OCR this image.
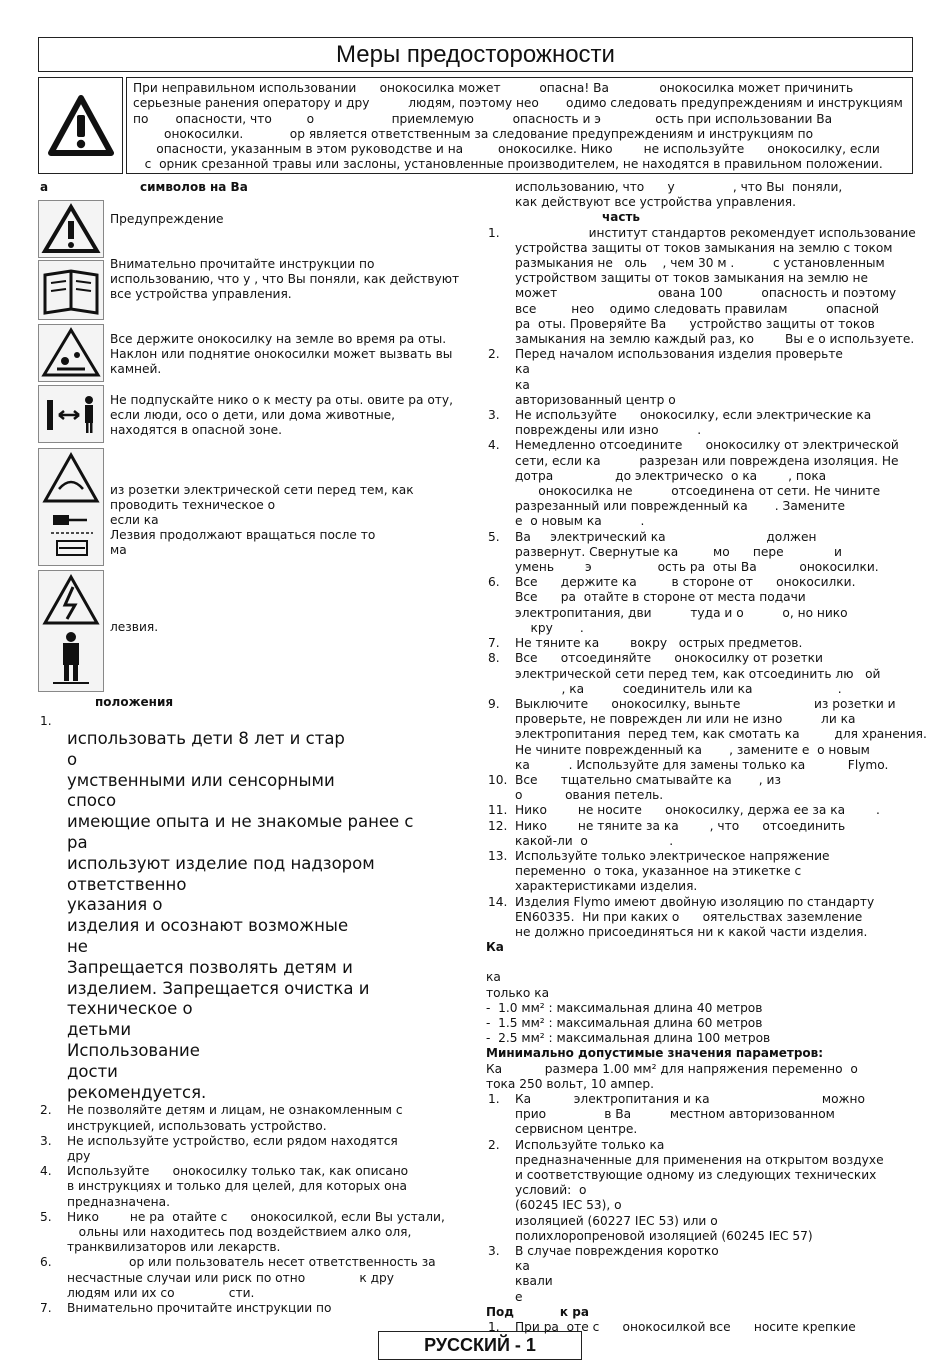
Меры предосторожности
При неправильном использовании      онокосилка может          опасна! Ва             онокосилка может причинить
серьезные ранения оператору и дру          людям, поэтому нео       одимо следовать предупреждениям и инструкциям
по       опасности, что         о                    приемлемую          опасность и э              ость при использовании Ва
онокосилки.            ор является ответственным за следование предупреждениям и инструкциям по
опасности, указанным в этом руководстве и на         онокосилке. Нико        не используйте      онокосилку, если
с  орник срезанной травы или заслоны, установленные производителем, не находятся в правильном положении.
а                      символов на Ва
Предупреждение
Внимательно прочитайте инструкции по использованию, что у , что Вы поняли, как действуют все устройства управления.
Все держите онокосилку на земле во время ра оты. Наклон или поднятие онокосилки может вызвать вы камней.
Не подпускайте нико о к месту ра оты. овите ра оту, если люди, осо о дети, или дома животные, находятся в опасной зоне.
из розетки электрической сети перед тем, как проводить техническое о
если ка
Лезвия продолжают вращаться после то
ма
лезвия.
положения
1.
использовать дети 8 лет и стар
о
умственными или сенсорными
спосо
имеющие опыта и не знакомые ранее с
ра
используют изделие под надзором
ответственно
указания о
изделия и осознают возможные
не
Запрещается позволять детям и
изделием. Запрещается очистка и
техническое о
детьми
Использование
дости
рекомендуется.
2. Не позволяйте детям и лицам, не ознакомленным с
инструкцией, использовать устройство.
3. Не используйте устройство, если рядом находятся
дру
4. Используйте      онокосилку только так, как описано
в инструкциях и только для целей, для которых она
предназначена.
5. Нико        не ра  отайте с      онокосилкой, если Вы устали,
ольны или находитесь под воздействием алко оля,
транквилизаторов или лекарств.
6. ор или пользователь несет ответственность за
несчастные случаи или риск по отно              к дру
людям или их со              сти.
7. Внимательно прочитайте инструкции по
использованию, что      у               , что Вы  поняли,
как действуют все устройства управления.
часть
1. институт стандартов рекомендует использование
устройства защиты от токов замыкания на землю с током
размыкания не   оль    , чем 30 м .          с установленным
устройством защиты от токов замыкания на землю не
может                          ована 100          опасность и поэтому
все         нео    одимо следовать правилам          опасной
ра  оты. Проверяйте Ва      устройство защиты от токов
замыкания на землю каждый раз, ко        Вы е о используете.
2. Перед началом использования изделия проверьте
ка
ка
авторизованный центр о
3. Не используйте      онокосилку, если электрические ка
повреждены или изно          .
4. Немедленно отсоедините      онокосилку от электрической
сети, если ка          разрезан или повреждена изоляция. Не
дотра                до электрическо  о ка        , пока
онокосилка не          отсоединена от сети. Не чините
разрезанный или поврежденный ка       . Замените
е  о новым ка          .
5. Ва     электрический ка                          должен
развернут. Свернутые ка         мо      пере             и
умень        э                 ость ра  оты Ва           онокосилки.
6. Все      держите ка         в стороне от      онокосилки.
Все      ра  отайте в стороне от места подачи
электропитания, дви          туда и о          о, но нико
кру       .
7. Не тяните ка        вокру   острых предметов.
8. Все      отсоединяйте      онокосилку от розетки
электрической сети перед тем, как отсоединить лю   ой
, ка          соединитель или ка                      .
9. Выключите      онокосилку, выньте                   из розетки и
проверьте, не поврежден ли или не изно          ли ка
электропитания  перед тем, как смотать ка         для хранения.
Не чините поврежденный ка       , замените е  о новым
ка          . Используйте для замены только ка           Flymo.
10. Все      тщательно сматывайте ка       , из
о           ования петель.
11. Нико        не носите      онокосилку, держа ее за ка        .
12. Нико        не тяните за ка        , что      отсоединить
какой-ли  о                     .
13. Используйте только электрическое напряжение
переменно  о тока, указанное на этикетке с
характеристиками изделия.
14. Изделия Flymo имеют двойную изоляцию по стандарту
EN60335.  Ни при каких о      оятельствах заземление
не должно присоединяться ни к какой части изделия.
Ка
ка
только ка
-  1.0 мм² : максимальная длина 40 метров
-  1.5 мм² : максимальная длина 60 метров
-  2.5 мм² : максимальная длина 100 метров
Минимально допустимые значения параметров:
Ка           размера 1.00 мм² для напряжения переменно  о
тока 250 вольт, 10 ампер.
1. Ка           электропитания и ка                             можно
прио               в Ва          местном авторизованном
сервисном центре.
2. Используйте только ка
предназначенные для применения на открытом воздухе
и соответствующие одному из следующих технических
условий:  о
(60245 IEC 53), о
изоляцией (60227 IEC 53) или о
полихлоропреновой изоляцией (60245 IEC 57)
3. В случае повреждения коротко
ка
квали
е
Под           к ра
1. При ра  оте с      онокосилкой все      носите крепкие
РУССКИЙ - 1
